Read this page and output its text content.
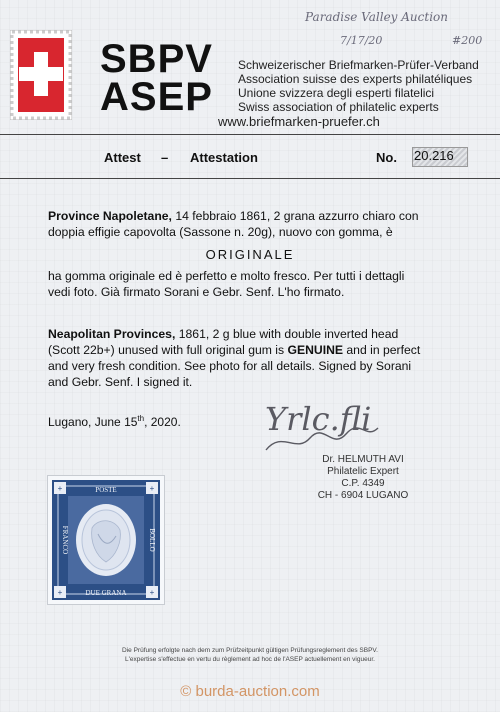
SBPV
ASEP
Paradise Valley Auction
7/17/20	#200
Schweizerischer Briefmarken-Prüfer-Verband
Association suisse des experts philatéliques
Unione svizzera degli esperti filatelici
Swiss association of philatelic experts
www.briefmarken-pruefer.ch
Attest – Attestation	No. 20.216
Province Napoletane, 14 febbraio 1861, 2 grana azzurro chiaro con
doppia effigie capovolta (Sassone n. 20g), nuovo con gomma, è
ORIGINALE
ha gomma originale ed è perfetto e molto fresco. Per tutti i dettagli
vedi foto. Già firmato Sorani e Gebr. Senf. L'ho firmato.
Neapolitan Provinces, 1861, 2 g blue with double inverted head
(Scott 22b+) unused with full original gum is GENUINE and in perfect
and very fresh condition. See photo for all details. Signed by Sorani
and Gebr. Senf. I signed it.
Lugano, June 15th, 2020.	Yrlc.fli
Dr. HELMUTH AVI
Philatelic Expert
C.P. 4349
CH - 6904 LUGANO
+	+
+	+
POSTE
DUE GRANA
FRANCO	BOLLO
Die Prüfung erfolgte nach dem zum Prüfzeitpunkt gültigen Prüfungsreglement des SBPV.
L'expertise s'effectue en vertu du règlement ad hoc de l'ASEP actuellement en vigueur.
© burda-auction.com
